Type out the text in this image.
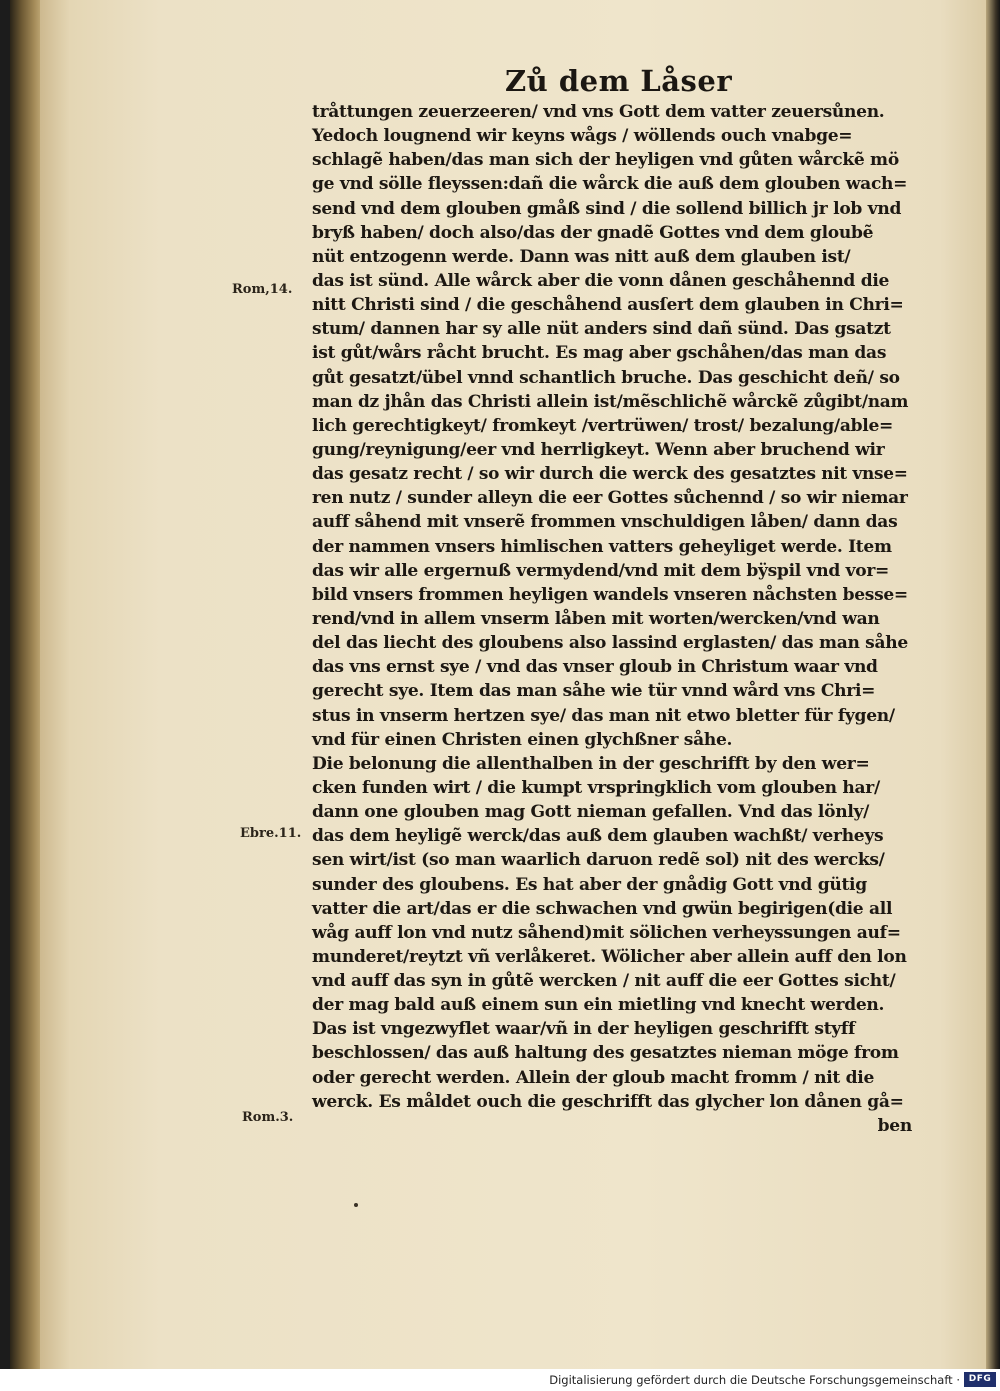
Zů dem Låser
Rom,14.
Ebre.11.
Rom.3.
tråttungen zeuerzeeren/ vnd vns Gott dem vatter zeuersůnen.
Yedoch lougnend wir keyns wågs / wöllends ouch vnabge=
schlagẽ haben/das man sich der heyligen vnd gůten wårckẽ mö
ge vnd sölle fleyssen:dañ die wårck die auß dem glouben wach=
send vnd dem glouben gmåß sind / die sollend billich jr lob vnd
bryß haben/ doch also/das der gnadẽ Gottes vnd dem gloubẽ
nüt entzogenn werde. Dann was nitt auß dem glauben ist/
das ist sünd. Alle wårck aber die vonn dånen geschåhennd die
nitt Christi sind / die geschåhend ausſert dem glauben in Chri=
stum/ dannen har sy alle nüt anders sind dañ sünd. Das gsatzt
ist gůt/wårs råcht brucht. Es mag aber gschåhen/das man das
gůt gesatzt/übel vnnd schantlich bruche. Das geschicht deñ/ so
man dz jhån das Christi allein ist/mẽschlichẽ wårckẽ zůgibt/nam
lich gerechtigkeyt/ fromkeyt /vertrüwen/ trost/ bezalung/able=
gung/reynigung/eer vnd herrligkeyt. Wenn aber bruchend wir
das gesatz recht / so wir durch die werck des gesatztes nit vnse=
ren nutz / sunder alleyn die eer Gottes sůchennd / so wir niemar
auff såhend mit vnserẽ frommen vnschuldigen låben/ dann das
der nammen vnsers himlischen vatters geheyliget werde. Item
das wir alle ergernuß vermydend/vnd mit dem bÿspil vnd vor=
bild vnsers frommen heyligen wandels vnseren nåchsten besse=
rend/vnd in allem vnserm låben mit worten/wercken/vnd wan
del das liecht des gloubens also lassind erglasten/ das man såhe
das vns ernst sye / vnd das vnser gloub in Christum waar vnd
gerecht sye. Item das man såhe wie tür vnnd wård vns Chri=
stus in vnserm hertzen sye/ das man nit etwo bletter für fygen/
vnd für einen Christen einen glychßner såhe.
Die belonung die allenthalben in der geschrifft by den wer=
cken funden wirt / die kumpt vrspringklich vom glouben har/
dann one glouben mag Gott nieman gefallen. Vnd das lönly/
das dem heyligẽ werck/das auß dem glauben wachßt/ verheys
sen wirt/ist (so man waarlich daruon redẽ sol) nit des wercks/
sunder des gloubens. Es hat aber der gnådig Gott vnd gütig
vatter die art/das er die schwachen vnd gwün begirigen(die all
wåg auff lon vnd nutz såhend)mit sölichen verheyssungen auf=
munderet/reytzt vñ verlåkeret. Wölicher aber allein auff den lon
vnd auff das syn in gůtẽ wercken / nit auff die eer Gottes sicht/
der mag bald auß einem sun ein mietling vnd knecht werden.
Das ist vngezwyflet waar/vñ in der heyligen geschrifft styff
beschlossen/ das auß haltung des gesatztes nieman möge from
oder gerecht werden. Allein der gloub macht fromm / nit die
werck. Es måldet ouch die geschrifft das glycher lon dånen gå=
ben
Digitalisierung gefördert durch die Deutsche Forschungsgemeinschaft · DFG
